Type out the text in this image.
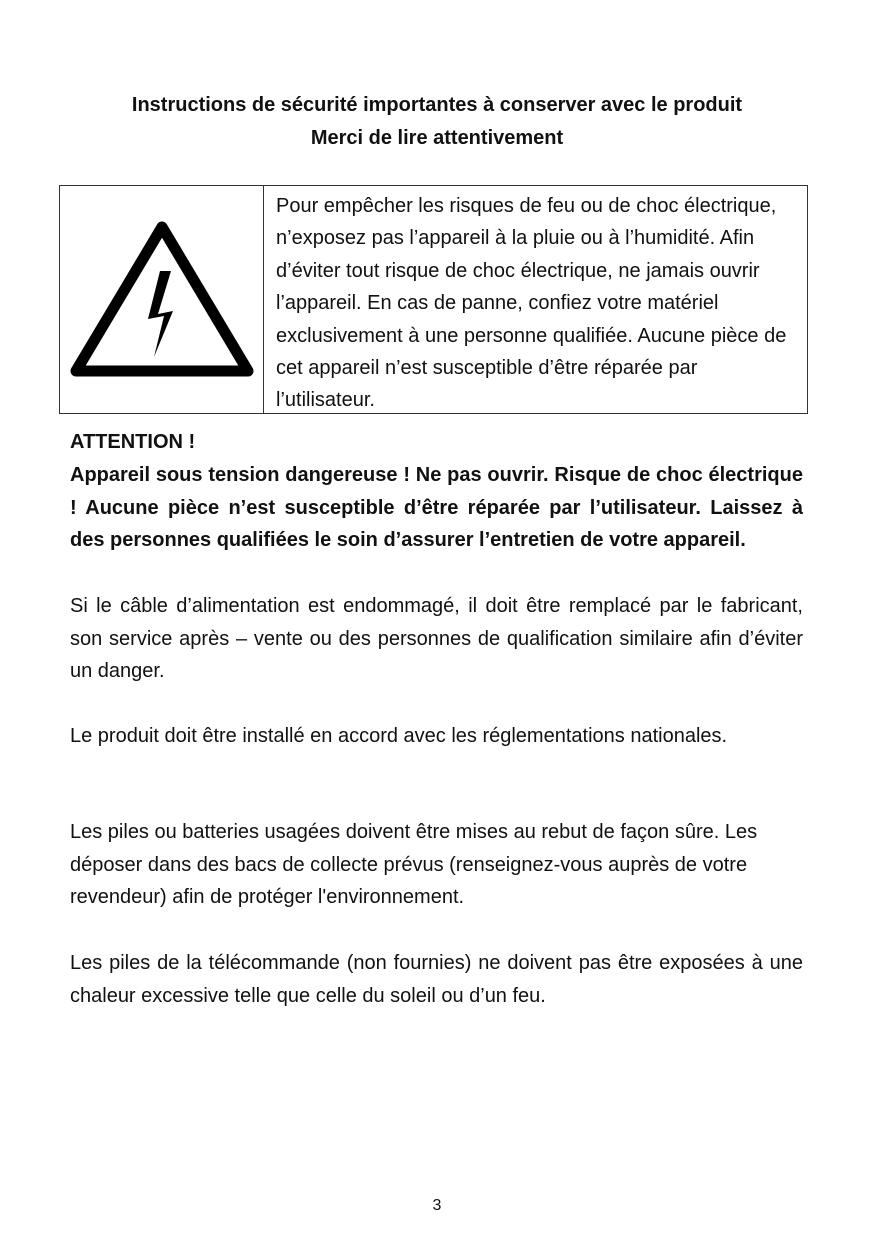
Instructions de sécurité importantes à conserver avec le produit
Merci de lire attentivement
Pour empêcher les risques de feu ou de choc électrique, n’exposez pas l’appareil à la pluie ou à l’humidité. Afin d’éviter tout risque de choc électrique, ne jamais ouvrir l’appareil. En cas de panne, confiez votre matériel exclusivement à une personne qualifiée. Aucune pièce de cet appareil n’est susceptible d’être réparée par l’utilisateur.

ATTENTION !

Appareil sous tension dangereuse ! Ne pas ouvrir. Risque de choc électrique ! Aucune pièce n’est susceptible d’être réparée par l’utilisateur. Laissez à des personnes qualifiées le soin d’assurer l’entretien de votre appareil.

Si le câble d’alimentation est endommagé, il doit être remplacé par le fabricant, son service après – vente ou des personnes de qualification similaire afin d’éviter un danger.

Le produit doit être installé en accord avec les réglementations nationales.

Les piles ou batteries usagées doivent être mises au rebut de façon sûre. Les déposer dans des bacs de collecte prévus (renseignez-vous auprès de votre revendeur) afin de protéger l'environnement.

Les piles de la télécommande (non fournies) ne doivent pas être exposées à une chaleur excessive telle que celle du soleil ou d’un feu.

3
